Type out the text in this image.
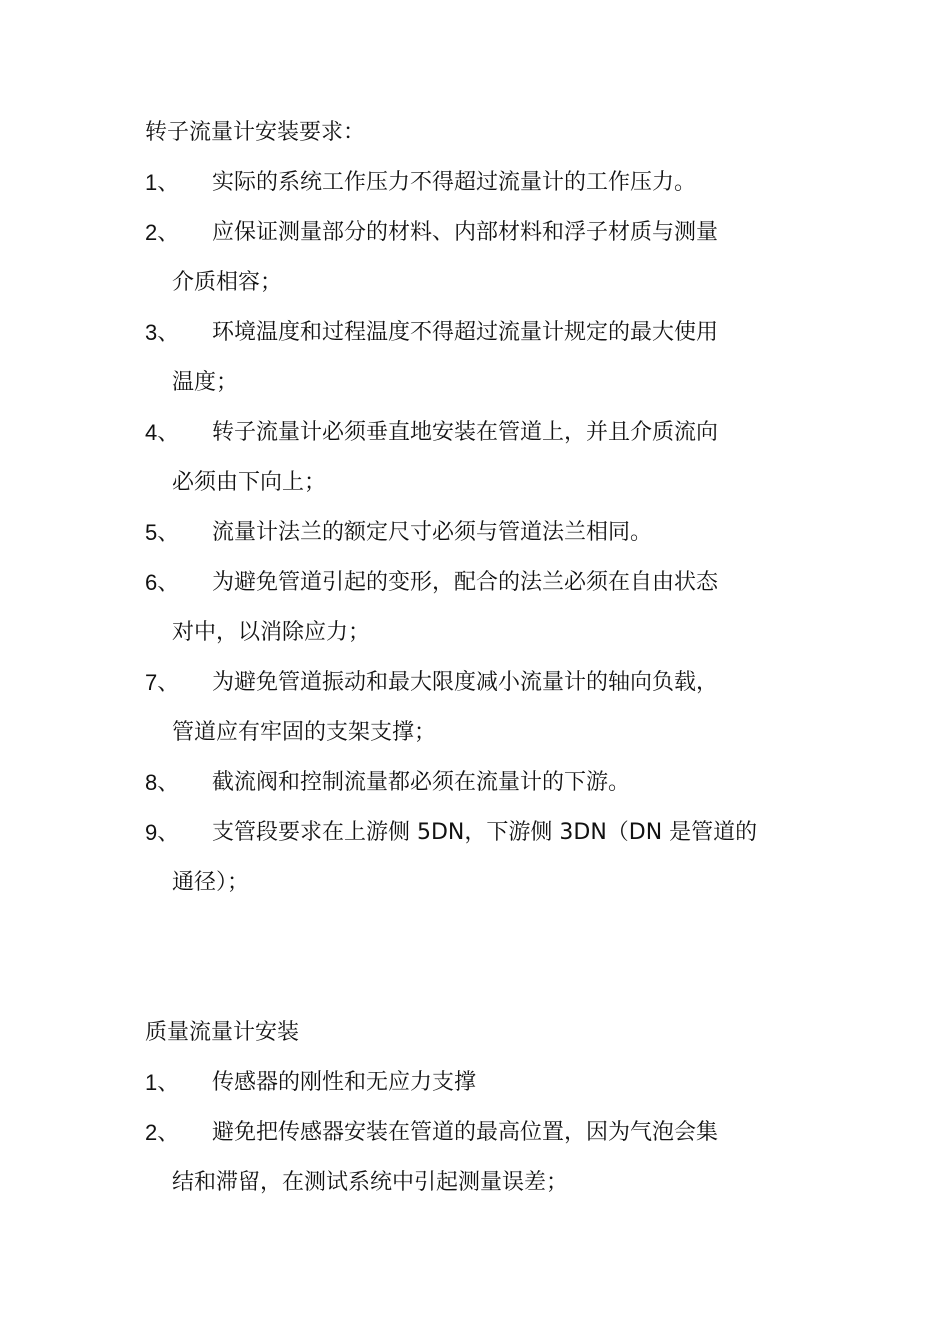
转子流量计安装要求：

1、	实际的系统工作压力不得超过流量计的工作压力。
2、	应保证测量部分的材料、内部材料和浮子材质与测量
介质相容；
3、	环境温度和过程温度不得超过流量计规定的最大使用
温度；
4、	转子流量计必须垂直地安装在管道上，并且介质流向
必须由下向上；
5、	流量计法兰的额定尺寸必须与管道法兰相同。
6、	为避免管道引起的变形，配合的法兰必须在自由状态
对中，以消除应力；
7、	为避免管道振动和最大限度减小流量计的轴向负载，
管道应有牢固的支架支撑；
8、	截流阀和控制流量都必须在流量计的下游。
9、	支管段要求在上游侧 5DN，下游侧 3DN（DN 是管道的
通径）；

质量流量计安装

1、	传感器的刚性和无应力支撑
2、	避免把传感器安装在管道的最高位置，因为气泡会集
结和滞留，在测试系统中引起测量误差；
